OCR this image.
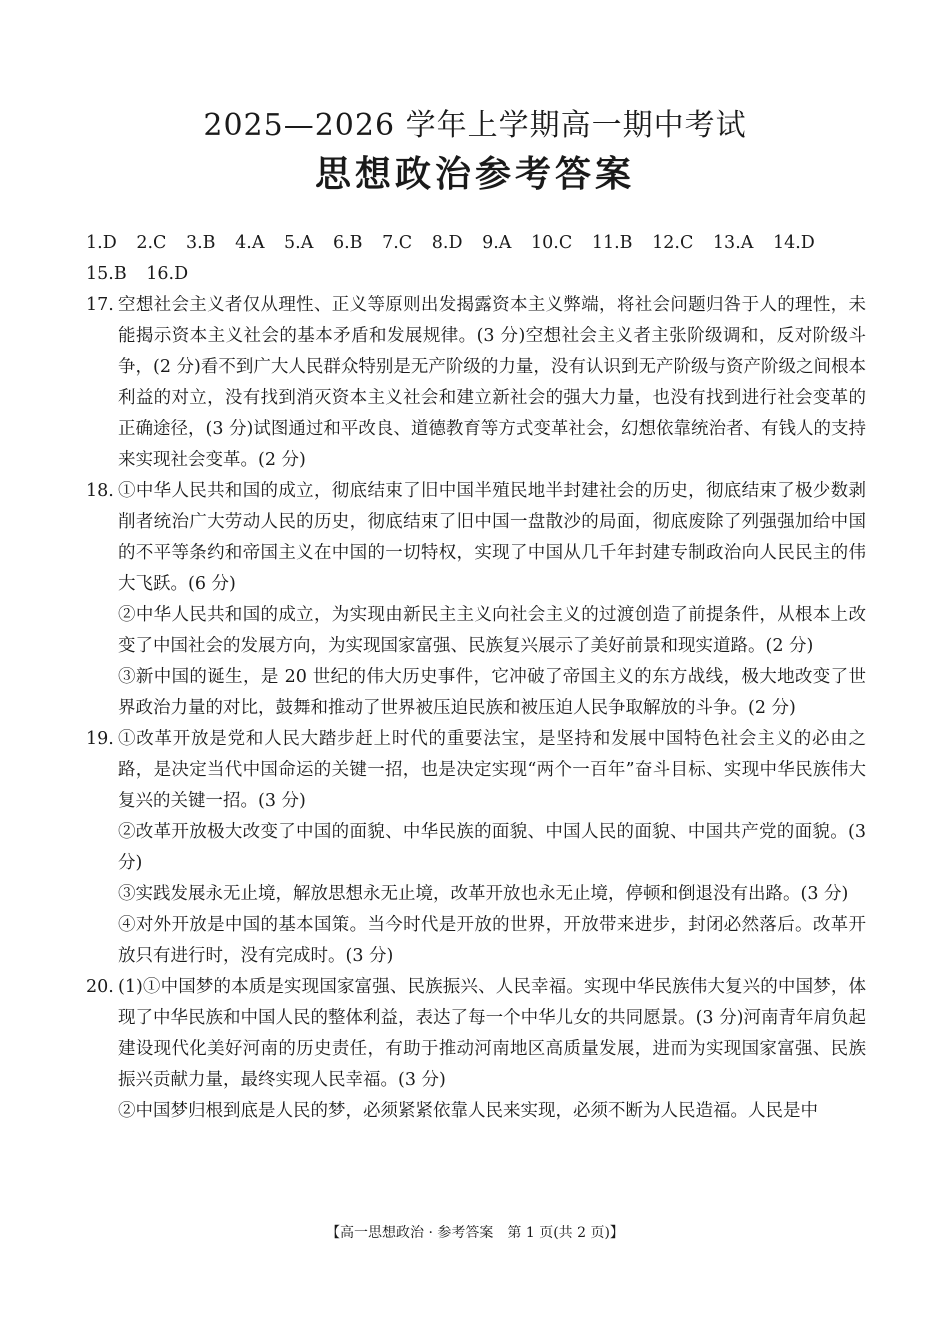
2025—2026 学年上学期高一期中考试
思想政治参考答案

1.D 2.C 3.B 4.A 5.A 6.B 7.C 8.D 9.A 10.C 11.B 12.C 13.A 14.D 15.B 16.D

17. 空想社会主义者仅从理性、正义等原则出发揭露资本主义弊端，将社会问题归咎于人的理性，未能揭示资本主义社会的基本矛盾和发展规律。(3 分)空想社会主义者主张阶级调和，反对阶级斗争，(2 分)看不到广大人民群众特别是无产阶级的力量，没有认识到无产阶级与资产阶级之间根本利益的对立，没有找到消灭资本主义社会和建立新社会的强大力量，也没有找到进行社会变革的正确途径，(3 分)试图通过和平改良、道德教育等方式变革社会，幻想依靠统治者、有钱人的支持来实现社会变革。(2 分)

18. ①中华人民共和国的成立，彻底结束了旧中国半殖民地半封建社会的历史，彻底结束了极少数剥削者统治广大劳动人民的历史，彻底结束了旧中国一盘散沙的局面，彻底废除了列强强加给中国的不平等条约和帝国主义在中国的一切特权，实现了中国从几千年封建专制政治向人民民主的伟大飞跃。(6 分)

②中华人民共和国的成立，为实现由新民主主义向社会主义的过渡创造了前提条件，从根本上改变了中国社会的发展方向，为实现国家富强、民族复兴展示了美好前景和现实道路。(2 分)

③新中国的诞生，是 20 世纪的伟大历史事件，它冲破了帝国主义的东方战线，极大地改变了世界政治力量的对比，鼓舞和推动了世界被压迫民族和被压迫人民争取解放的斗争。(2 分)

19. ①改革开放是党和人民大踏步赶上时代的重要法宝，是坚持和发展中国特色社会主义的必由之路，是决定当代中国命运的关键一招，也是决定实现“两个一百年”奋斗目标、实现中华民族伟大复兴的关键一招。(3 分)

②改革开放极大改变了中国的面貌、中华民族的面貌、中国人民的面貌、中国共产党的面貌。(3 分)

③实践发展永无止境，解放思想永无止境，改革开放也永无止境，停顿和倒退没有出路。(3 分)

④对外开放是中国的基本国策。当今时代是开放的世界，开放带来进步，封闭必然落后。改革开放只有进行时，没有完成时。(3 分)

20. (1)①中国梦的本质是实现国家富强、民族振兴、人民幸福。实现中华民族伟大复兴的中国梦，体现了中华民族和中国人民的整体利益，表达了每一个中华儿女的共同愿景。(3 分)河南青年肩负起建设现代化美好河南的历史责任，有助于推动河南地区高质量发展，进而为实现国家富强、民族振兴贡献力量，最终实现人民幸福。(3 分)

②中国梦归根到底是人民的梦，必须紧紧依靠人民来实现，必须不断为人民造福。人民是中

【高一思想政治 · 参考答案　第 1 页(共 2 页)】
